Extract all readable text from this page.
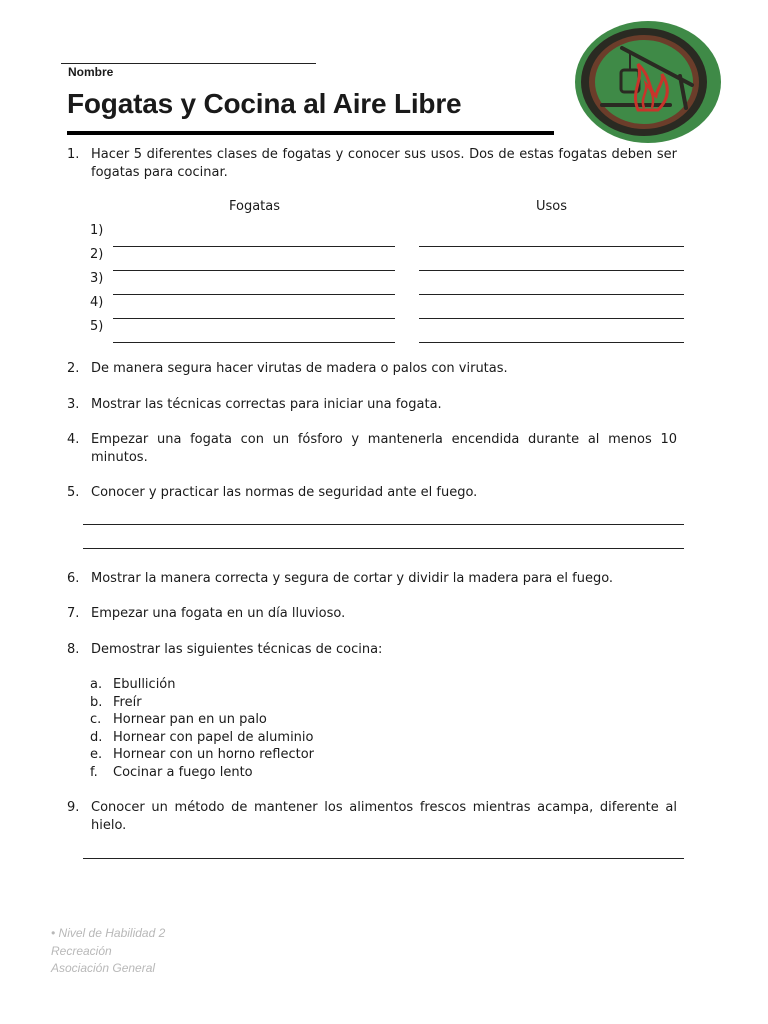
Nombre
Fogatas y Cocina al Aire Libre
1. Hacer 5 diferentes clases de fogatas y conocer sus usos. Dos de estas fogatas deben ser fogatas para cocinar.
Fogatas	Usos
1)
2)
3)
4)
5)
2. De manera segura hacer virutas de madera o palos con virutas.
3. Mostrar las técnicas correctas para iniciar una fogata.
4. Empezar una fogata con un fósforo y mantenerla encendida durante al menos 10 minutos.
5. Conocer y practicar las normas de seguridad ante el fuego.
6. Mostrar la manera correcta y segura de cortar y dividir la madera para el fuego.
7. Empezar una fogata en un día lluvioso.
8. Demostrar las siguientes técnicas de cocina:
a. Ebullición
b. Freír
c. Hornear pan en un palo
d. Hornear con papel de aluminio
e. Hornear con un horno reflector
f. Cocinar a fuego lento
9. Conocer un método de mantener los alimentos frescos mientras acampa, diferente al hielo.
• Nivel de Habilidad 2
Recreación
Asociación General
